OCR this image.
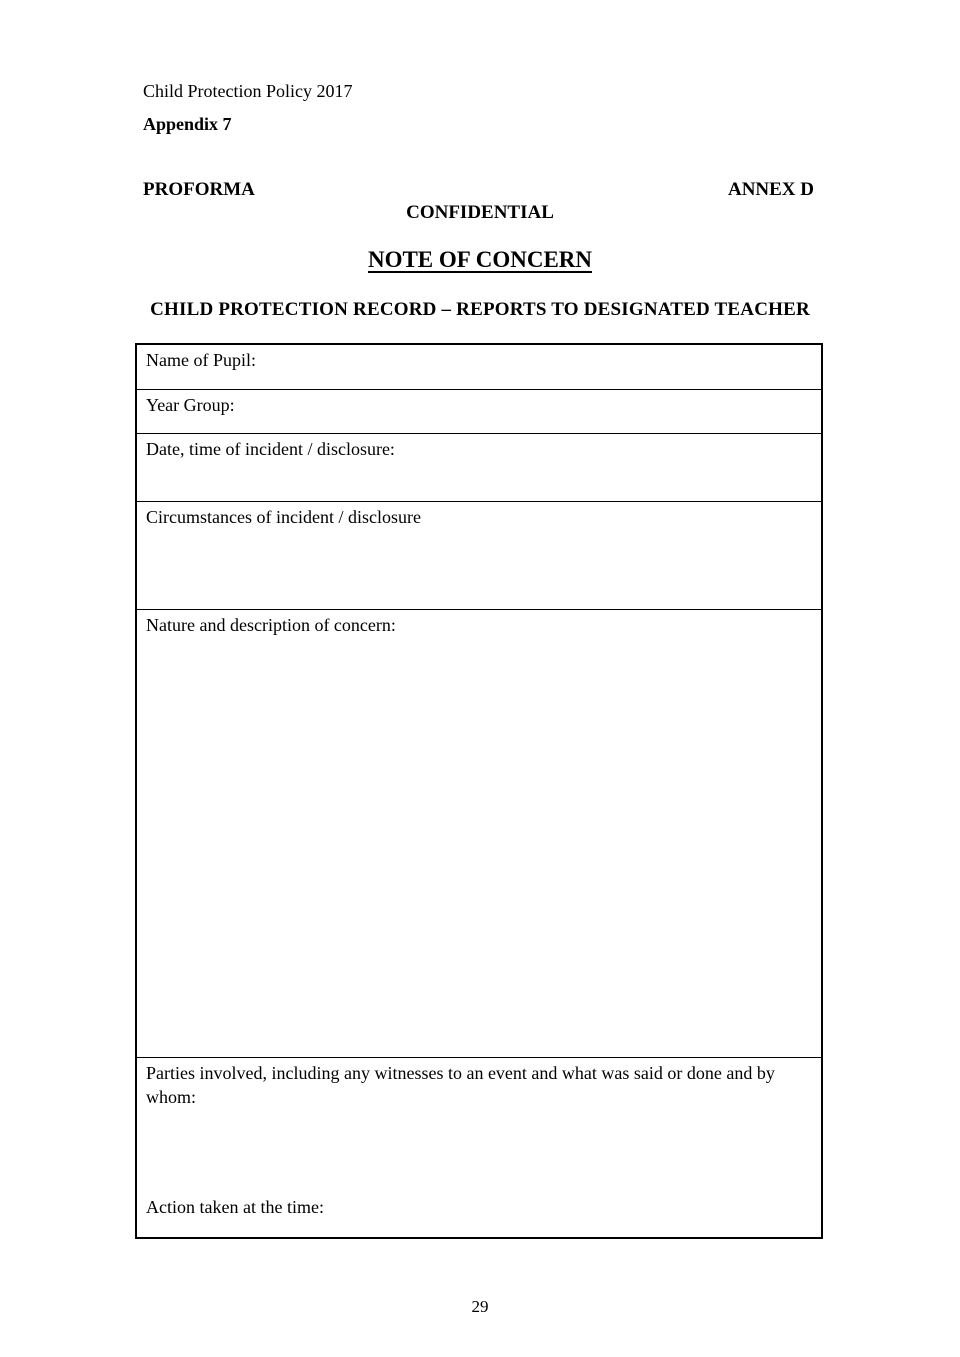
Child Protection Policy 2017
Appendix 7
PROFORMA	ANNEX D
CONFIDENTIAL
NOTE OF CONCERN
CHILD PROTECTION RECORD – REPORTS TO DESIGNATED TEACHER
Name of Pupil:

Year Group:

Date, time of incident / disclosure:

Circumstances of incident / disclosure

Nature and description of concern:

Parties involved, including any witnesses to an event and what was said or done and by whom:
Action taken at the time:
29
